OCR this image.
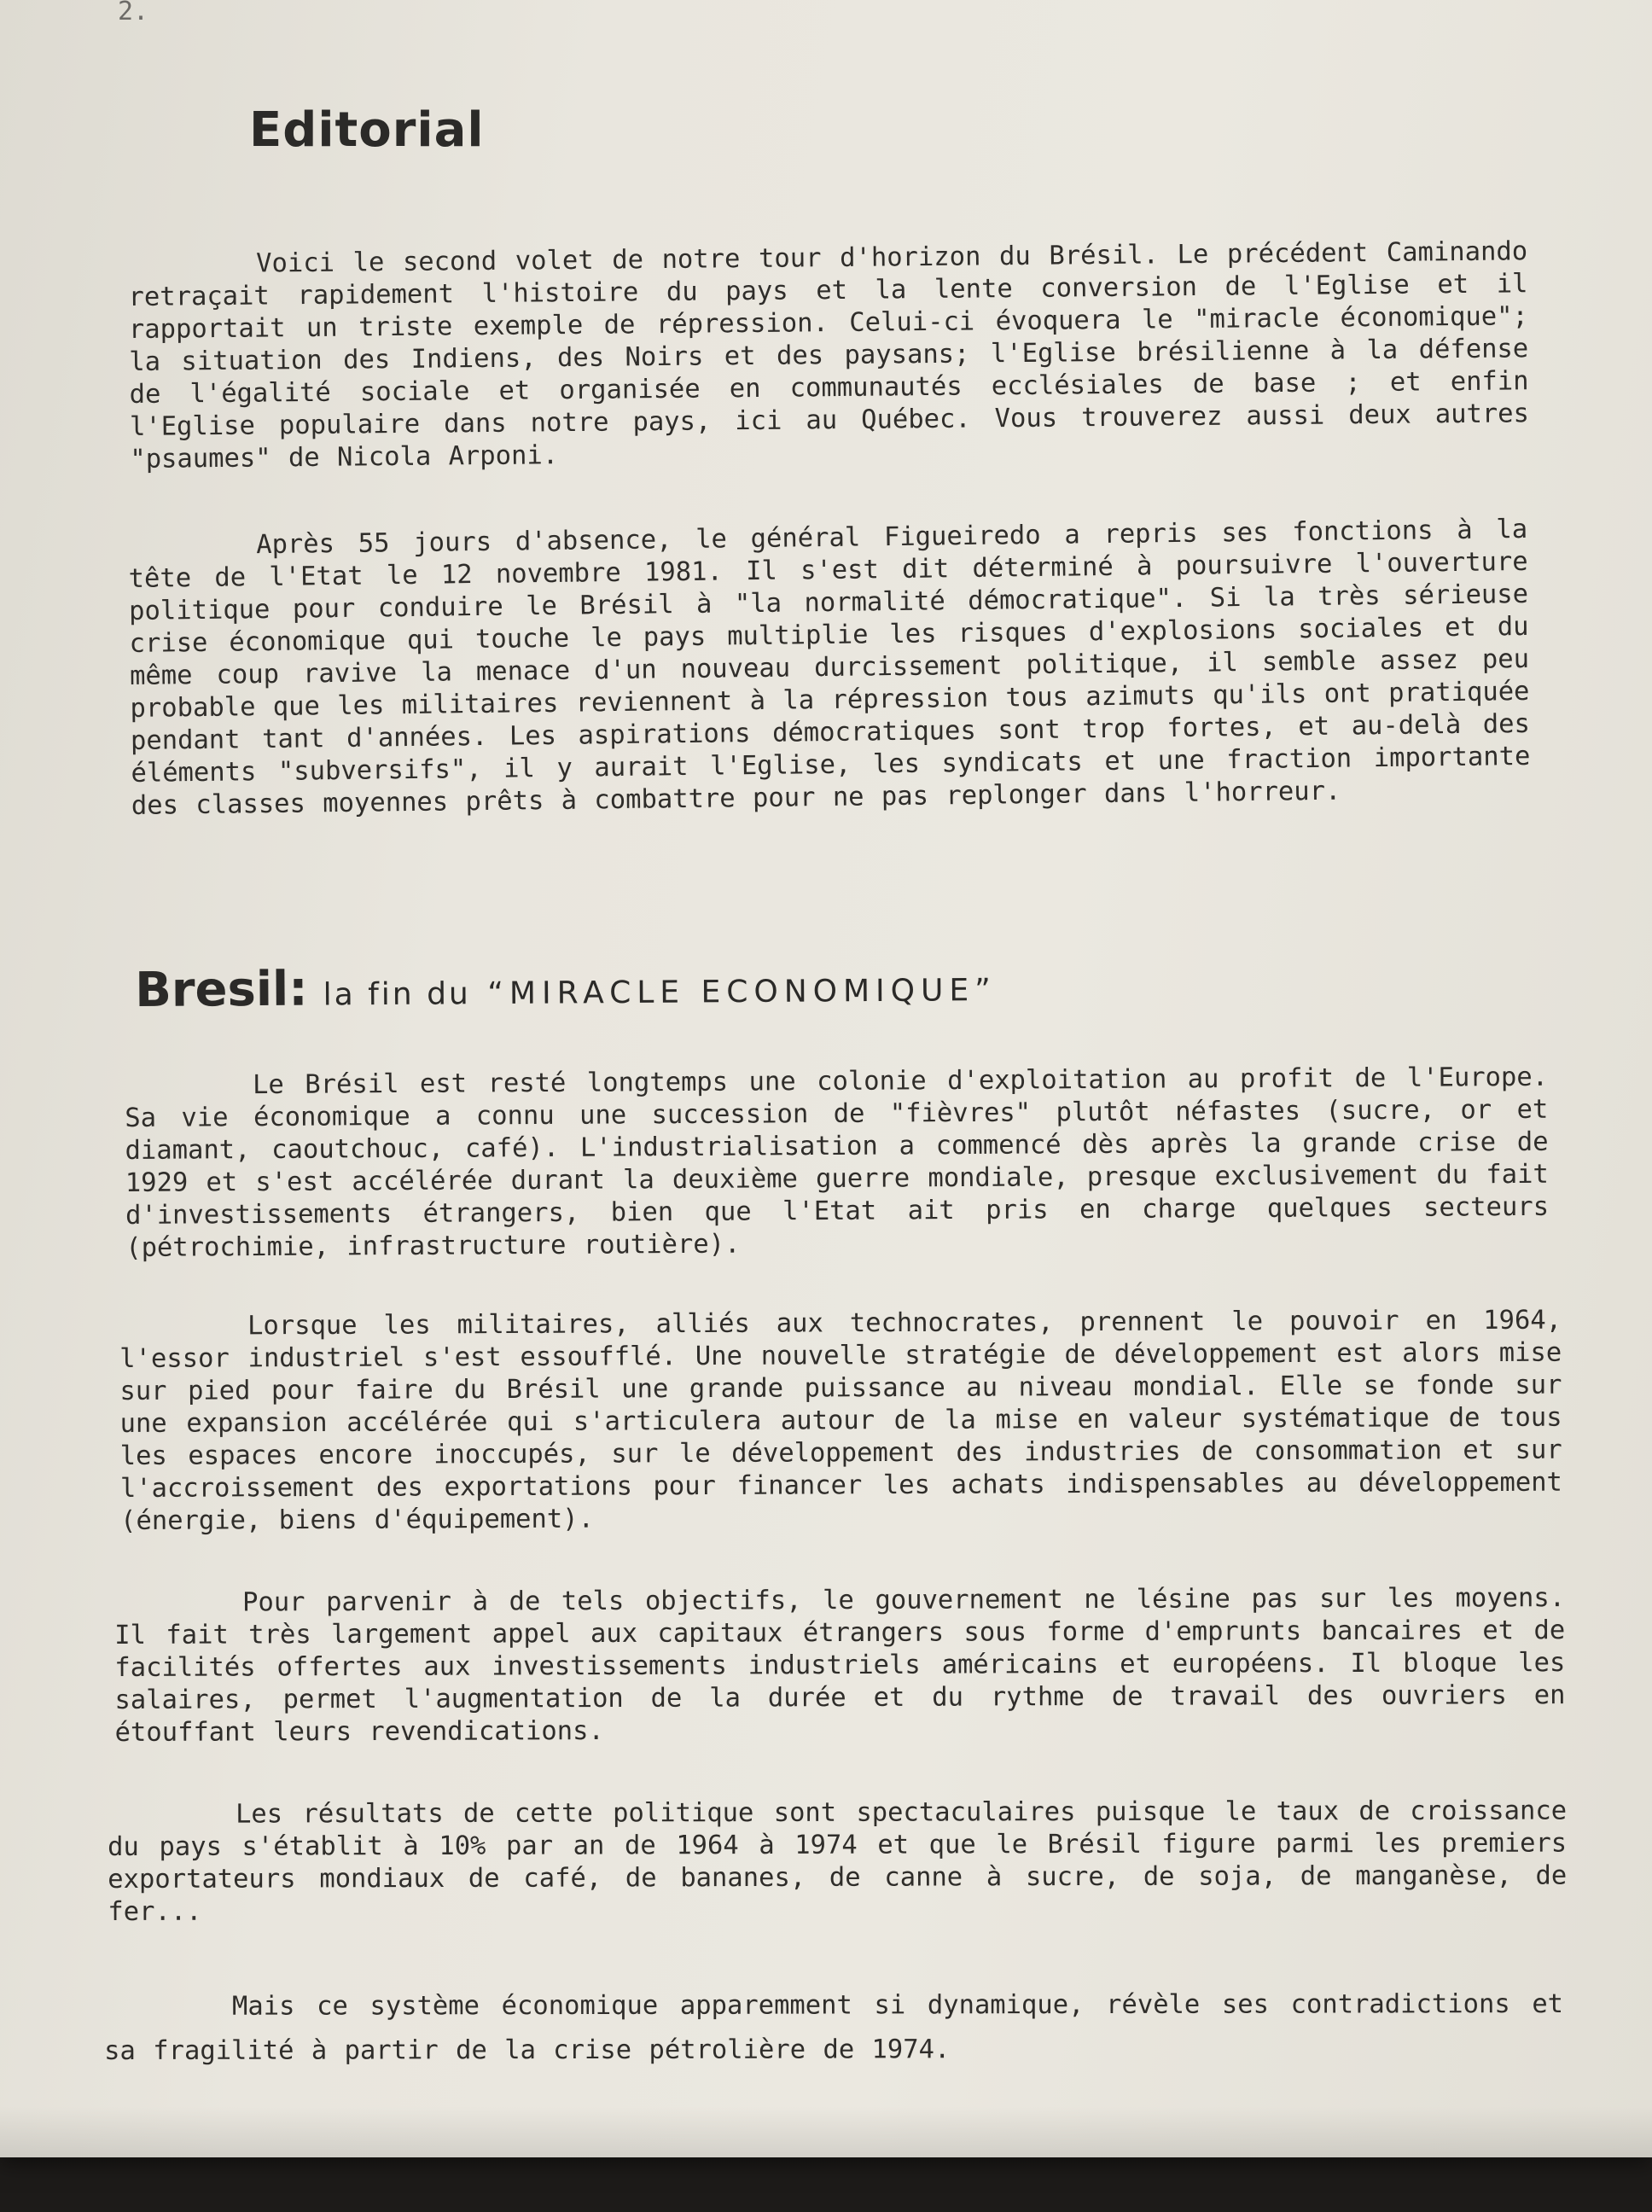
2.
Editorial

Voici le second volet de notre tour d'horizon du Brésil. Le précédent Caminando retraçait rapidement l'histoire du pays et la lente conversion de l'Eglise et il rapportait un triste exemple de répression. Celui-ci évoquera le "miracle économique"; la situation des Indiens, des Noirs et des paysans; l'Eglise brésilienne à la défense de l'égalité sociale et organisée en communautés ecclésiales de base ; et enfin l'Eglise populaire dans notre pays, ici au Québec. Vous trouverez aussi deux autres "psaumes" de Nicola Arponi.

Après 55 jours d'absence, le général Figueiredo a repris ses fonctions à la tête de l'Etat le 12 novembre 1981. Il s'est dit déterminé à poursuivre l'ouverture politique pour conduire le Brésil à "la normalité démocratique". Si la très sérieuse crise économique qui touche le pays multiplie les risques d'explosions sociales et du même coup ravive la menace d'un nouveau durcissement politique, il semble assez peu probable que les militaires reviennent à la répression tous azimuts qu'ils ont pratiquée pendant tant d'années. Les aspirations démocratiques sont trop fortes, et au-delà des éléments "subversifs", il y aurait l'Eglise, les syndicats et une fraction importante des classes moyennes prêts à combattre pour ne pas replonger dans l'horreur.

Bresil: la fin du “MIRACLE ECONOMIQUE”

Le Brésil est resté longtemps une colonie d'exploitation au profit de l'Europe. Sa vie économique a connu une succession de "fièvres" plutôt néfastes (sucre, or et diamant, caoutchouc, café). L'industrialisation a commencé dès après la grande crise de 1929 et s'est accélérée durant la deuxième guerre mondiale, presque exclusivement du fait d'investissements étrangers, bien que l'Etat ait pris en charge quelques secteurs (pétrochimie, infrastructure routière).

Lorsque les militaires, alliés aux technocrates, prennent le pouvoir en 1964, l'essor industriel s'est essoufflé. Une nouvelle stratégie de développement est alors mise sur pied pour faire du Brésil une grande puissance au niveau mondial. Elle se fonde sur une expansion accélérée qui s'articulera autour de la mise en valeur systématique de tous les espaces encore inoccupés, sur le développement des industries de consommation et sur l'accroissement des exportations pour financer les achats indispensables au développement (énergie, biens d'équipement).

Pour parvenir à de tels objectifs, le gouvernement ne lésine pas sur les moyens. Il fait très largement appel aux capitaux étrangers sous forme d'emprunts bancaires et de facilités offertes aux investissements industriels américains et européens. Il bloque les salaires, permet l'augmentation de la durée et du rythme de travail des ouvriers en étouffant leurs revendications.

Les résultats de cette politique sont spectaculaires puisque le taux de croissance du pays s'établit à 10% par an de 1964 à 1974 et que le Brésil figure parmi les premiers exportateurs mondiaux de café, de bananes, de canne à sucre, de soja, de manganèse, de fer...

Mais ce système économique apparemment si dynamique, révèle ses contradictions et sa fragilité à partir de la crise pétrolière de 1974.
